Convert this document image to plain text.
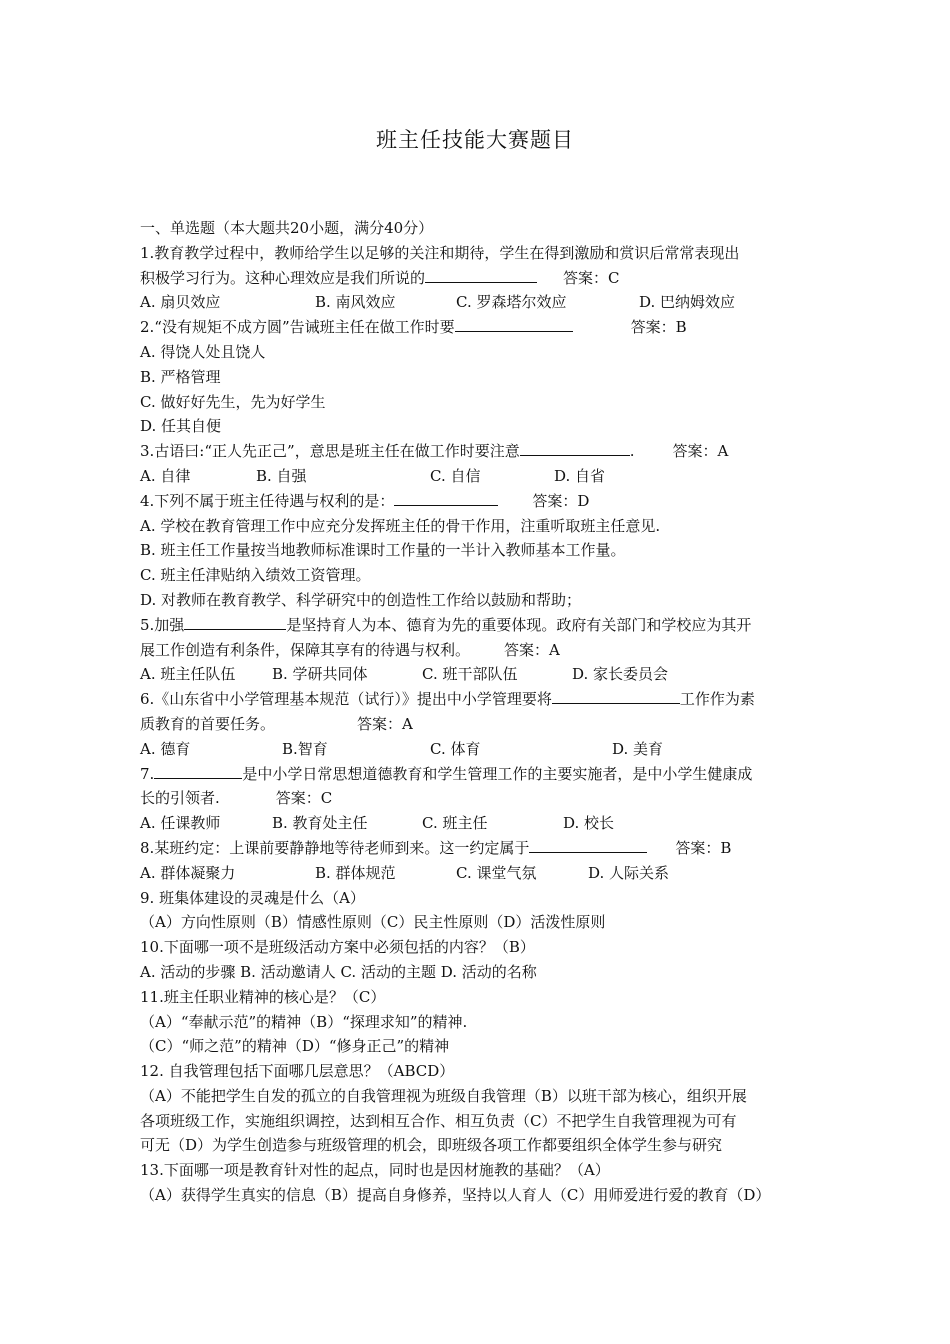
班主任技能大赛题目
一、单选题（本大题共20小题，满分40分）
1.教育教学过程中，教师给学生以足够的关注和期待，学生在得到激励和赏识后常常表现出
积极学习行为。这种心理效应是我们所说的	答案：C
A. 扇贝效应	B. 南风效应	C. 罗森塔尔效应	D. 巴纳姆效应
2.“没有规矩不成方圆”告诫班主任在做工作时要	答案：B
A. 得饶人处且饶人
B. 严格管理
C. 做好好先生，先为好学生
D. 任其自便
3.古语曰:“正人先正己”，意思是班主任在做工作时要注意	.	答案：A
A. 自律	B. 自强	C. 自信	D. 自省
4.下列不属于班主任待遇与权利的是：	答案：D
A. 学校在教育管理工作中应充分发挥班主任的骨干作用，注重听取班主任意见.
B. 班主任工作量按当地教师标准课时工作量的一半计入教师基本工作量。
C. 班主任津贴纳入绩效工资管理。
D. 对教师在教育教学、科学研究中的创造性工作给以鼓励和帮助；
5.加强	是坚持育人为本、德育为先的重要体现。政府有关部门和学校应为其开
展工作创造有利条件，保障其享有的待遇与权利。 答案：A
A. 班主任队伍 B. 学研共同体	C. 班干部队伍	D. 家长委员会
6.《山东省中小学管理基本规范（试行）》提出中小学管理要将	工作作为素
质教育的首要任务。	答案：A
A. 德育	B.智育	C. 体育	D. 美育
7.	是中小学日常思想道德教育和学生管理工作的主要实施者，是中小学生健康成
长的引领者.	答案：C
A. 任课教师	B. 教育处主任	C. 班主任	D. 校长
8.某班约定：上课前要静静地等待老师到来。这一约定属于	答案：B
A. 群体凝聚力	B. 群体规范	C. 课堂气氛	D. 人际关系
9. 班集体建设的灵魂是什么（A）
（A）方向性原则（B）情感性原则（C）民主性原则（D）活泼性原则
10.下面哪一项不是班级活动方案中必须包括的内容？（B）
A. 活动的步骤 B. 活动邀请人 C. 活动的主题 D. 活动的名称
11.班主任职业精神的核心是？（C）
（A）“奉献示范”的精神（B）“探理求知”的精神.
（C）“师之范”的精神（D）“修身正己”的精神
12. 自我管理包括下面哪几层意思？（ABCD）
（A）不能把学生自发的孤立的自我管理视为班级自我管理（B）以班干部为核心，组织开展
各项班级工作，实施组织调控，达到相互合作、相互负责（C）不把学生自我管理视为可有
可无（D）为学生创造参与班级管理的机会，即班级各项工作都要组织全体学生参与研究
13.下面哪一项是教育针对性的起点，同时也是因材施教的基础？（A）
（A）获得学生真实的信息（B）提高自身修养，坚持以人育人（C）用师爱进行爱的教育（D）
